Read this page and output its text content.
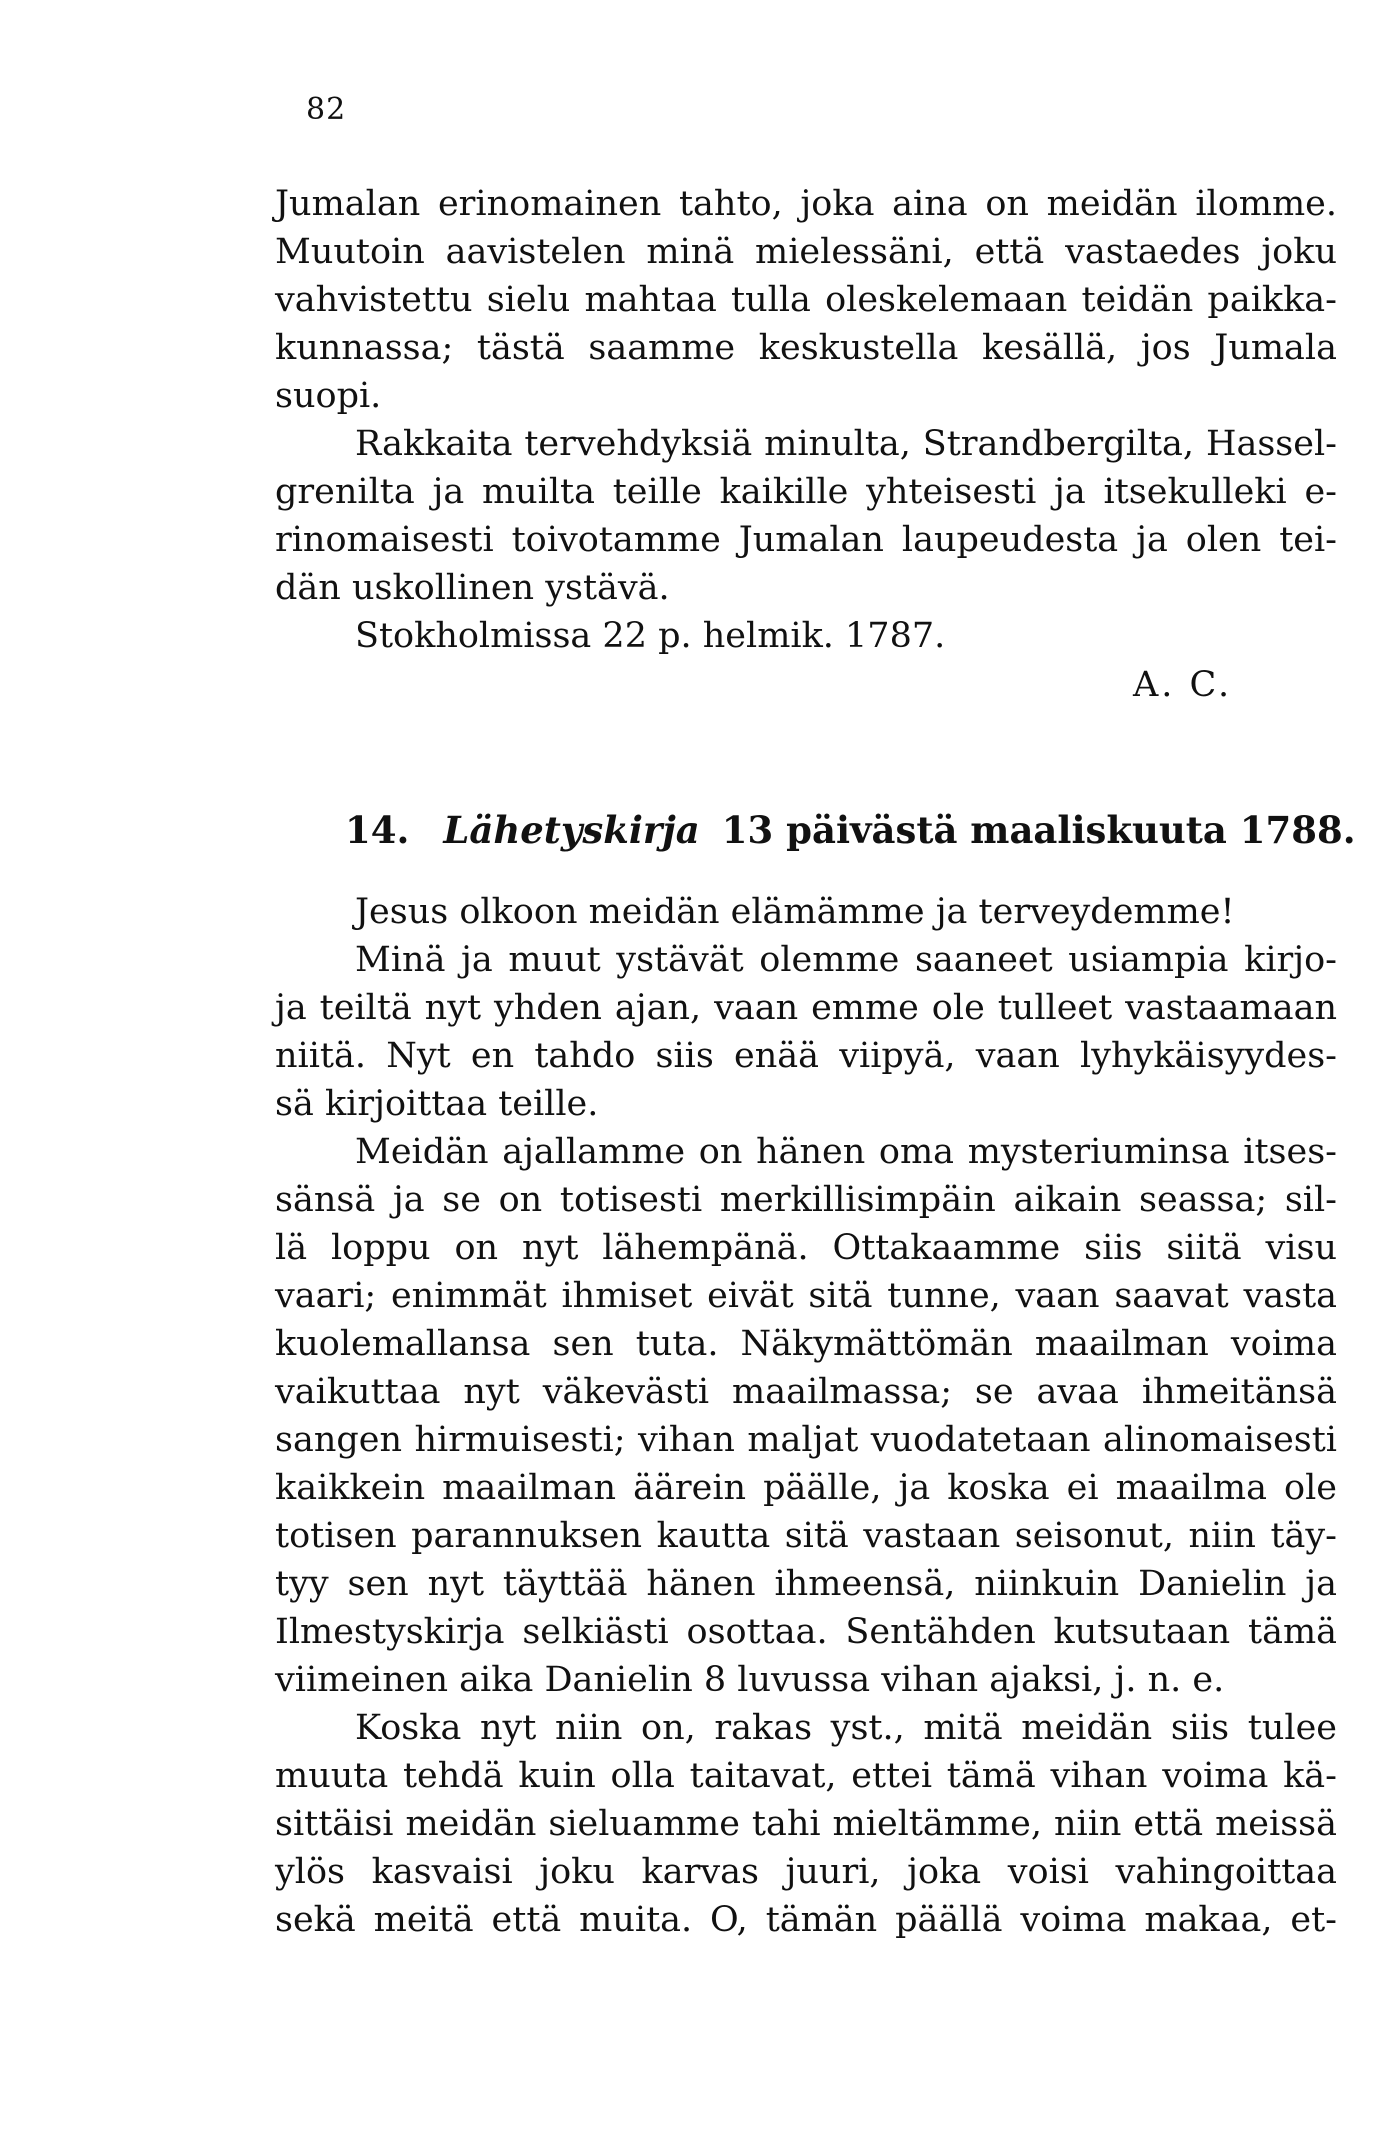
82
Jumalan erinomainen tahto, joka aina on meidän ilomme.
Muutoin aavistelen minä mielessäni, että vastaedes joku
vahvistettu sielu mahtaa tulla oleskelemaan teidän paikka-
kunnassa; tästä saamme keskustella kesällä, jos Jumala
suopi.
Rakkaita tervehdyksiä minulta, Strandbergilta, Hassel-
grenilta ja muilta teille kaikille yhteisesti ja itsekulleki e-
rinomaisesti toivotamme Jumalan laupeudesta ja olen tei-
dän uskollinen ystävä.
Stokholmissa 22 p. helmik. 1787.
A. C.
14. Lähetyskirja 13 päivästä maaliskuuta 1788.
Jesus olkoon meidän elämämme ja terveydemme!
Minä ja muut ystävät olemme saaneet usiampia kirjo-
ja teiltä nyt yhden ajan, vaan emme ole tulleet vastaamaan
niitä. Nyt en tahdo siis enää viipyä, vaan lyhykäisyydes-
sä kirjoittaa teille.
Meidän ajallamme on hänen oma mysteriuminsa itses-
sänsä ja se on totisesti merkillisimpäin aikain seassa; sil-
lä loppu on nyt lähempänä. Ottakaamme siis siitä visu
vaari; enimmät ihmiset eivät sitä tunne, vaan saavat vasta
kuolemallansa sen tuta. Näkymättömän maailman voima
vaikuttaa nyt väkevästi maailmassa; se avaa ihmeitänsä
sangen hirmuisesti; vihan maljat vuodatetaan alinomaisesti
kaikkein maailman äärein päälle, ja koska ei maailma ole
totisen parannuksen kautta sitä vastaan seisonut, niin täy-
tyy sen nyt täyttää hänen ihmeensä, niinkuin Danielin ja
Ilmestyskirja selkiästi osottaa. Sentähden kutsutaan tämä
viimeinen aika Danielin 8 luvussa vihan ajaksi, j. n. e.
Koska nyt niin on, rakas yst., mitä meidän siis tulee
muuta tehdä kuin olla taitavat, ettei tämä vihan voima kä-
sittäisi meidän sieluamme tahi mieltämme, niin että meissä
ylös kasvaisi joku karvas juuri, joka voisi vahingoittaa
sekä meitä että muita. O, tämän päällä voima makaa, et-
